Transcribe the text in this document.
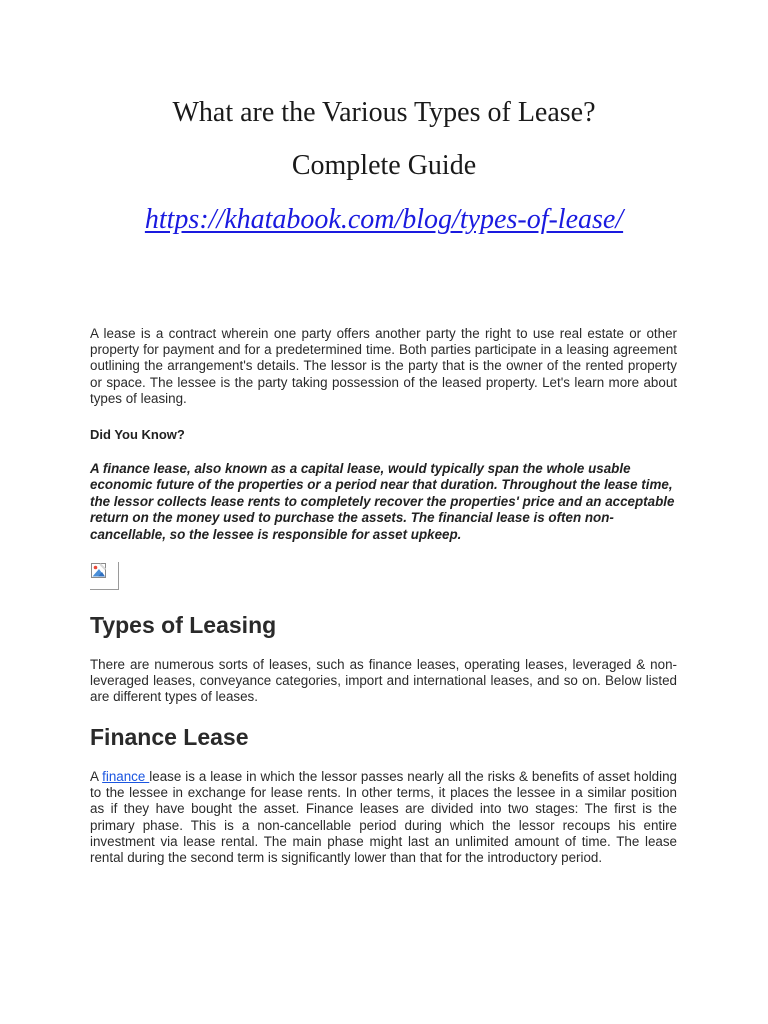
What are the Various Types of Lease?
Complete Guide
https://khatabook.com/blog/types-of-lease/

A lease is a contract wherein one party offers another party the right to use real estate or other property for payment and for a predetermined time. Both parties participate in a leasing agreement outlining the arrangement's details. The lessor is the party that is the owner of the rented property or space. The lessee is the party taking possession of the leased property. Let's learn more about types of leasing.

Did You Know?

A finance lease, also known as a capital lease, would typically span the whole usable economic future of the properties or a period near that duration. Throughout the lease time, the lessor collects lease rents to completely recover the properties' price and an acceptable return on the money used to purchase the assets. The financial lease is often non-cancellable, so the lessee is responsible for asset upkeep.

Types of Leasing

There are numerous sorts of leases, such as finance leases, operating leases, leveraged & non-leveraged leases, conveyance categories, import and international leases, and so on. Below listed are different types of leases.

Finance Lease

A finance lease is a lease in which the lessor passes nearly all the risks & benefits of asset holding to the lessee in exchange for lease rents. In other terms, it places the lessee in a similar position as if they have bought the asset. Finance leases are divided into two stages: The first is the primary phase. This is a non-cancellable period during which the lessor recoups his entire investment via lease rental. The main phase might last an unlimited amount of time. The lease rental during the second term is significantly lower than that for the introductory period.
